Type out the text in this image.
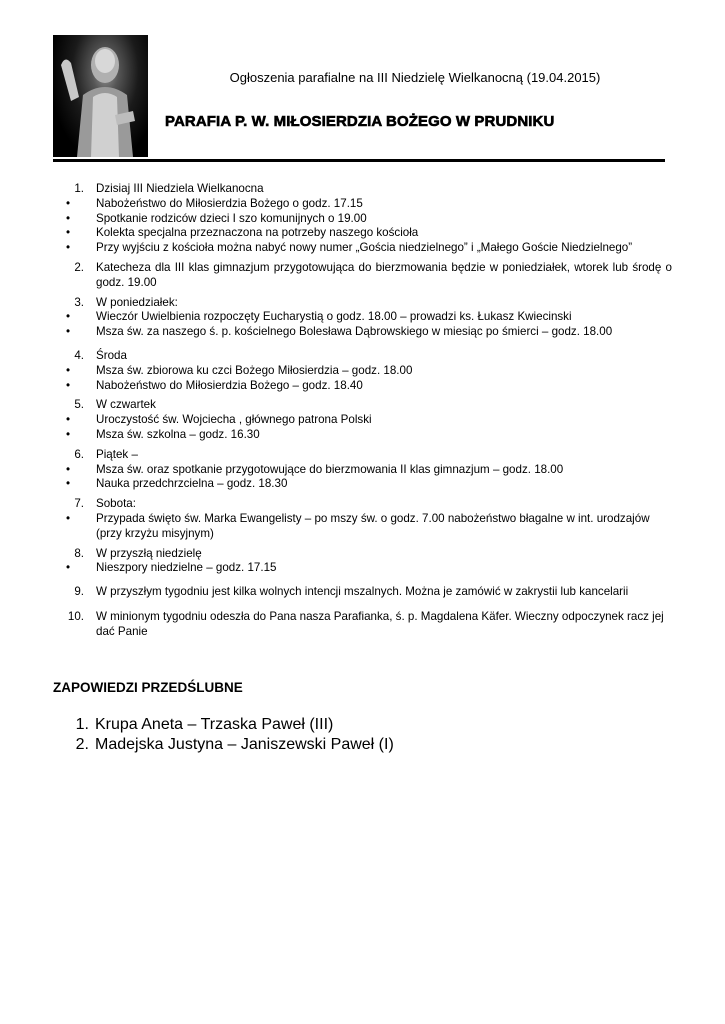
Ogłoszenia parafialne na III Niedzielę Wielkanocną (19.04.2015)
PARAFIA P. W. MIŁOSIERDZIA BOŻEGO W PRUDNIKU
1. Dzisiaj III Niedziela Wielkanocna
•	Nabożeństwo do Miłosierdzia Bożego o godz. 17.15
•	Spotkanie rodziców dzieci I szo komunijnych o 19.00
•	Kolekta specjalna przeznaczona na potrzeby naszego kościoła
•	Przy wyjściu z kościoła można nabyć nowy numer „Gościa niedzielnego” i „Małego Goście Niedzielnego”
2. Katecheza dla III klas gimnazjum przygotowująca do bierzmowania będzie w poniedziałek, wtorek lub środę o godz. 19.00
3. W poniedziałek:
•	Wieczór Uwielbienia rozpoczęty Eucharystią o godz. 18.00 – prowadzi ks. Łukasz Kwiecinski
•	Msza św. za naszego ś. p. kościelnego Bolesława Dąbrowskiego w miesiąc po śmierci – godz. 18.00
4. Środa
•	Msza św. zbiorowa ku czci Bożego Miłosierdzia – godz. 18.00
•	Nabożeństwo do Miłosierdzia Bożego – godz. 18.40
5. W czwartek
•	Uroczystość św. Wojciecha , głównego patrona Polski
•	Msza św. szkolna – godz. 16.30
6. Piątek –
•	Msza św. oraz spotkanie przygotowujące do bierzmowania II klas gimnazjum – godz. 18.00
•	Nauka przedchrzcielna – godz. 18.30
7. Sobota:
•	Przypada święto św. Marka Ewangelisty – po mszy św. o godz. 7.00 nabożeństwo błagalne w int. urodzajów (przy krzyżu misyjnym)
8. W przyszłą niedzielę
•	Nieszpory niedzielne – godz. 17.15
9. W przyszłym tygodniu jest kilka wolnych intencji mszalnych. Można je zamówić w zakrystii lub kancelarii
10. W minionym tygodniu odeszła do Pana nasza Parafianka, ś. p. Magdalena Käfer. Wieczny odpoczynek racz jej dać Panie
ZAPOWIEDZI PRZEDŚLUBNE
1. Krupa Aneta – Trzaska Paweł (III)
2. Madejska Justyna – Janiszewski Paweł (I)
